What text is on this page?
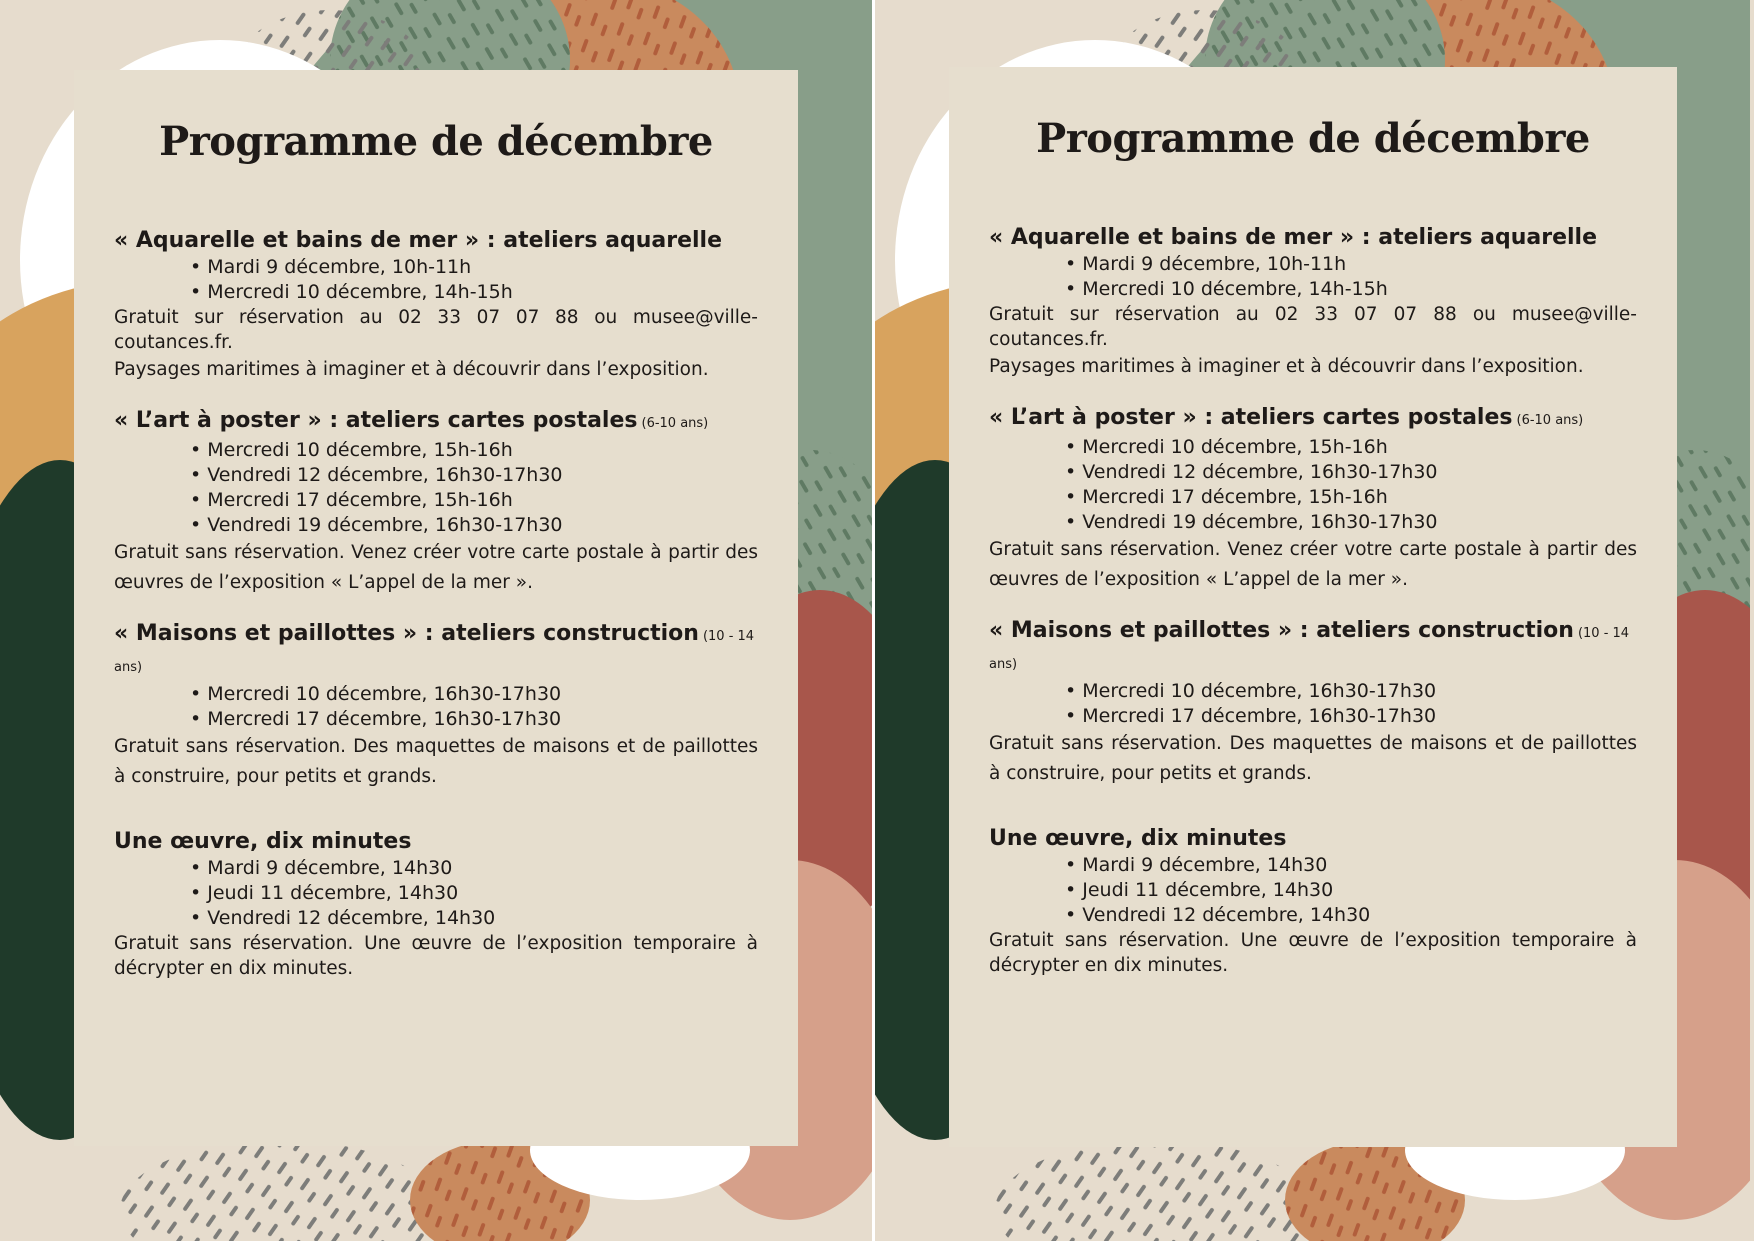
Programme de décembre

« Aquarelle et bains de mer » : ateliers aquarelle

• Mardi 9 décembre, 10h-11h
• Mercredi 10 décembre, 14h-15h

Gratuit sur réservation au 02 33 07 07 88 ou musee@ville-coutances.fr.

Paysages maritimes à imaginer et à découvrir dans l’exposition.

« L’art à poster » : ateliers cartes postales (6-10 ans)

• Mercredi 10 décembre, 15h-16h
• Vendredi 12 décembre, 16h30-17h30
• Mercredi 17 décembre, 15h-16h
• Vendredi 19 décembre, 16h30-17h30

Gratuit sans réservation. Venez créer votre carte postale à partir des œuvres de l’exposition « L’appel de la mer ».

« Maisons et paillottes » : ateliers construction (10 - 14 ans)

• Mercredi 10 décembre, 16h30-17h30
• Mercredi 17 décembre, 16h30-17h30

Gratuit sans réservation. Des maquettes de maisons et de paillottes à construire, pour petits et grands.

Une œuvre, dix minutes

• Mardi 9 décembre, 14h30
• Jeudi 11 décembre, 14h30
• Vendredi 12 décembre, 14h30

Gratuit sans réservation. Une œuvre de l’exposition temporaire à décrypter en dix minutes.

Programme de décembre

« Aquarelle et bains de mer » : ateliers aquarelle

• Mardi 9 décembre, 10h-11h
• Mercredi 10 décembre, 14h-15h

Gratuit sur réservation au 02 33 07 07 88 ou musee@ville-coutances.fr.

Paysages maritimes à imaginer et à découvrir dans l’exposition.

« L’art à poster » : ateliers cartes postales (6-10 ans)

• Mercredi 10 décembre, 15h-16h
• Vendredi 12 décembre, 16h30-17h30
• Mercredi 17 décembre, 15h-16h
• Vendredi 19 décembre, 16h30-17h30

Gratuit sans réservation. Venez créer votre carte postale à partir des œuvres de l’exposition « L’appel de la mer ».

« Maisons et paillottes » : ateliers construction (10 - 14 ans)

• Mercredi 10 décembre, 16h30-17h30
• Mercredi 17 décembre, 16h30-17h30

Gratuit sans réservation. Des maquettes de maisons et de paillottes à construire, pour petits et grands.

Une œuvre, dix minutes

• Mardi 9 décembre, 14h30
• Jeudi 11 décembre, 14h30
• Vendredi 12 décembre, 14h30

Gratuit sans réservation. Une œuvre de l’exposition temporaire à décrypter en dix minutes.
